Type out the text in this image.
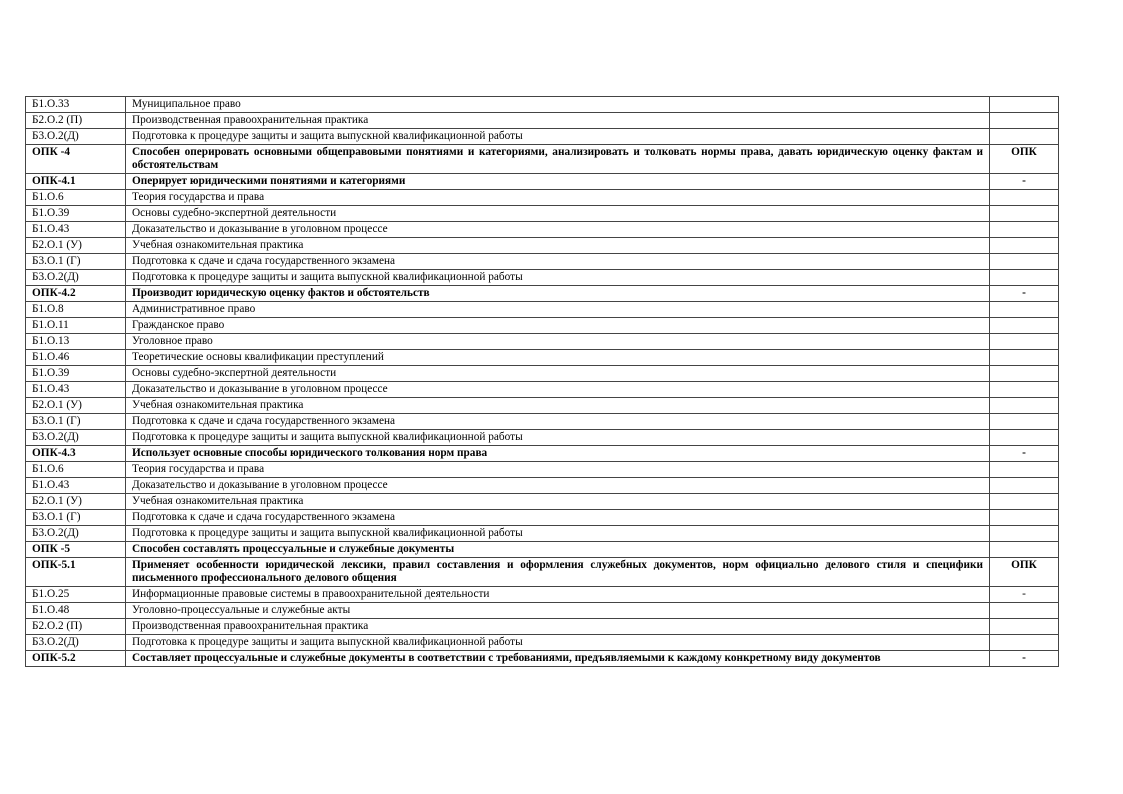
Б1.О.33	Муниципальное право	
Б2.О.2 (П)	Производственная правоохранительная практика	
Б3.О.2(Д)	Подготовка к процедуре защиты и защита выпускной квалификационной работы	
ОПК -4	Способен оперировать основными общеправовыми понятиями и категориями, анализировать и толковать нормы права, давать юридическую оценку фактам и обстоятельствам	ОПК
ОПК-4.1	Оперирует юридическими понятиями и категориями	-
Б1.О.6	Теория государства и права	
Б1.О.39	Основы судебно-экспертной деятельности	
Б1.О.43	Доказательство и доказывание в уголовном процессе	
Б2.О.1 (У)	Учебная ознакомительная практика	
Б3.О.1 (Г)	Подготовка к сдаче и сдача государственного экзамена	
Б3.О.2(Д)	Подготовка к процедуре защиты и защита выпускной квалификационной работы	
ОПК-4.2	Производит юридическую оценку фактов и обстоятельств	-
Б1.О.8	Административное право	
Б1.О.11	Гражданское право	
Б1.О.13	Уголовное право	
Б1.О.46	Теоретические основы квалификации преступлений	
Б1.О.39	Основы судебно-экспертной деятельности	
Б1.О.43	Доказательство и доказывание в уголовном процессе	
Б2.О.1 (У)	Учебная ознакомительная практика	
Б3.О.1 (Г)	Подготовка к сдаче и сдача государственного экзамена	
Б3.О.2(Д)	Подготовка к процедуре защиты и защита выпускной квалификационной работы	
ОПК-4.3	Использует основные способы юридического толкования норм права	-
Б1.О.6	Теория государства и права	
Б1.О.43	Доказательство и доказывание в уголовном процессе	
Б2.О.1 (У)	Учебная ознакомительная практика	
Б3.О.1 (Г)	Подготовка к сдаче и сдача государственного экзамена	
Б3.О.2(Д)	Подготовка к процедуре защиты и защита выпускной квалификационной работы	
ОПК -5	Способен составлять процессуальные и служебные документы	
ОПК-5.1	Применяет особенности юридической лексики, правил составления и оформления служебных документов, норм официально делового стиля и специфики письменного профессионального делового общения	ОПК
Б1.О.25	Информационные правовые системы в правоохранительной деятельности	-
Б1.О.48	Уголовно-процессуальные и служебные акты	
Б2.О.2 (П)	Производственная правоохранительная практика	
Б3.О.2(Д)	Подготовка к процедуре защиты и защита выпускной квалификационной работы	
ОПК-5.2	Составляет процессуальные и служебные документы в соответствии с требованиями, предъявляемыми к каждому конкретному виду документов	-
